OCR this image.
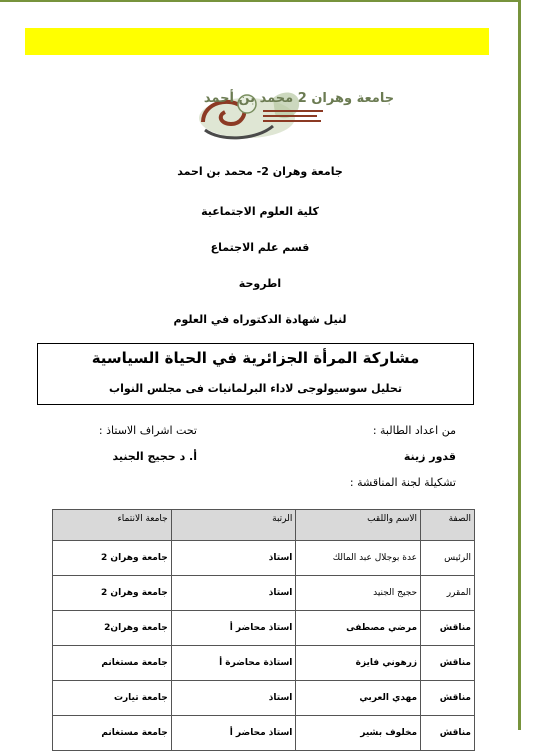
جامعة وهران 2 محمد بن أحمد
جامعة وهران 2- محمد بن احمد
كلية العلوم الاجتماعية
قسم علم الاجتماع
اطروحة
لنيل شهادة الدكتوراه في العلوم
مشاركة المرأة الجزائرية في الحياة السياسية
تحليل سوسيولوجى لاداء البرلمانيات فى مجلس النواب
من اعداد الطالبة :
تحت اشراف الاستاذ :
قدور زينة
أ. د حجيج الجنيد
تشكيلة لجنة المناقشة :
الصفة	الاسم واللقب	الرتبة	جامعة الانتماء
الرئيس	عدة بوجلال عبد المالك	استاذ	جامعة وهران 2
المقرر	حجيج الجنيد	استاذ	جامعة وهران 2
مناقش	مرضي مصطفى	استاذ محاضر أ	جامعة وهران2
مناقش	زرهوني فايزة	استاذة محاضرة أ	جامعة مستغانم
مناقش	مهدي العربي	استاذ	جامعة تيارت
مناقش	مخلوف بشير	استاذ محاضر أ	جامعة مستغانم
